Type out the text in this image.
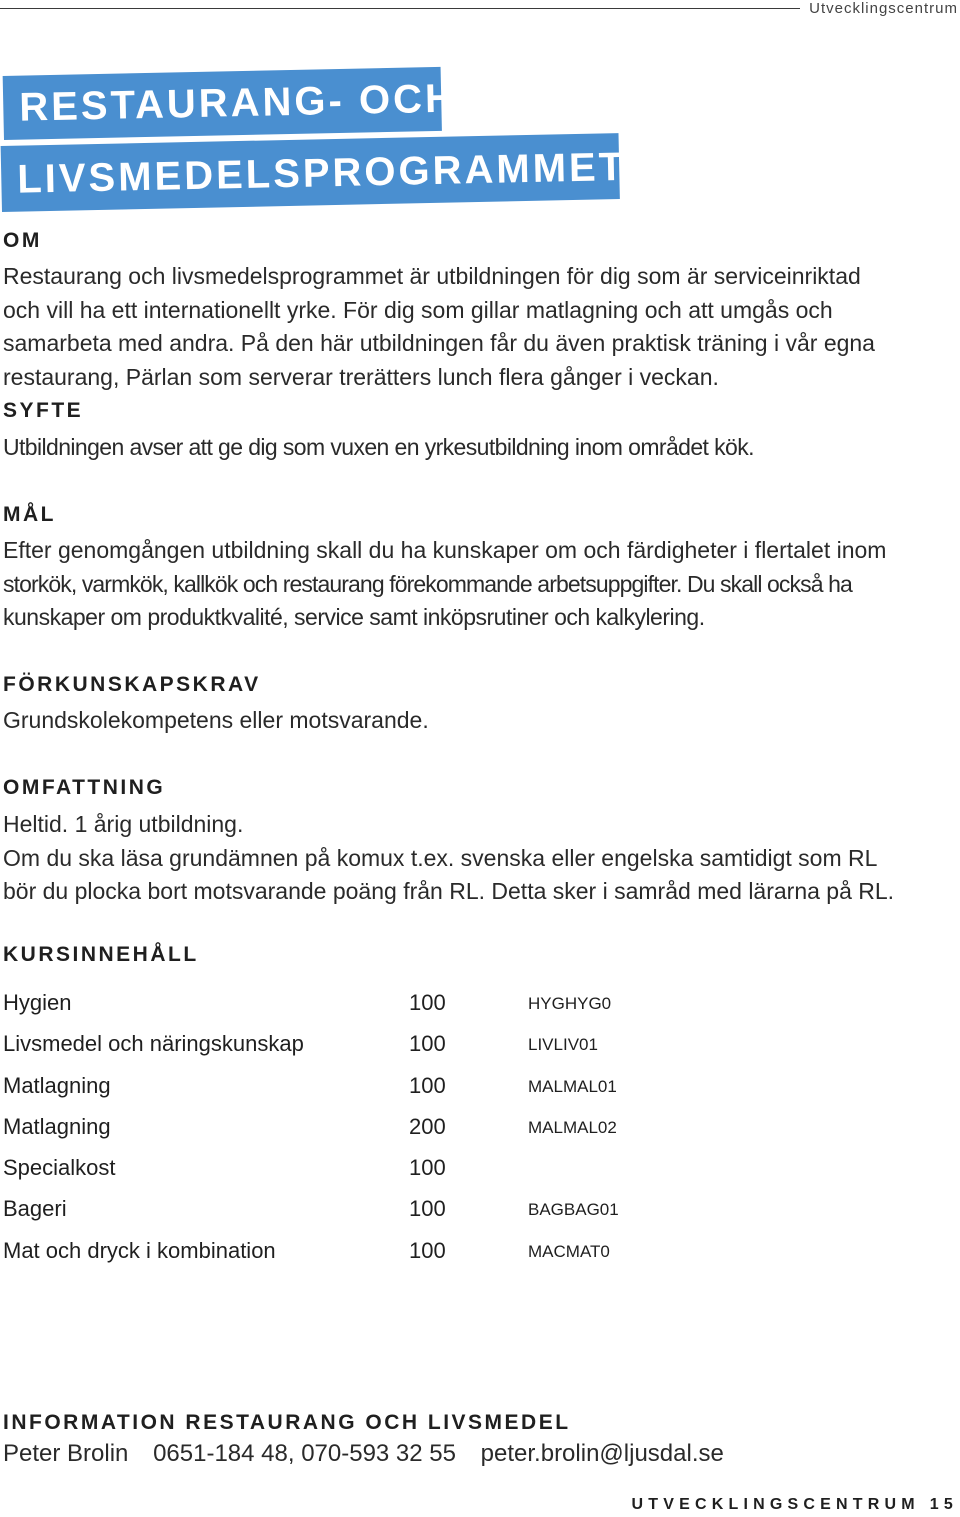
Utvecklingscentrum
RESTAURANG- OCH
LIVSMEDELSPROGRAMMET
OM

Restaurang och livsmedelsprogrammet är utbildningen för dig som är serviceinriktad
och vill ha ett internationellt yrke. För dig som gillar matlagning och att umgås och
samarbeta med andra. På den här utbildningen får du även praktisk träning i vår egna
restaurang, Pärlan som serverar trerätters lunch flera gånger i veckan.

SYFTE

Utbildningen avser att ge dig som vuxen en yrkesutbildning inom området kök.

MÅL

Efter genomgången utbildning skall du ha kunskaper om och färdigheter i flertalet inom
storkök, varmkök, kallkök och restaurang förekommande arbetsuppgifter. Du skall också ha
kunskaper om produktkvalité, service samt inköpsrutiner och kalkylering.

FÖRKUNSKAPSKRAV

Grundskolekompetens eller motsvarande.

OMFATTNING

Heltid. 1 årig utbildning.
Om du ska läsa grundämnen på komux t.ex. svenska eller engelska samtidigt som RL
bör du plocka bort motsvarande poäng från RL. Detta sker i samråd med lärarna på RL.

KURSINNEHÅLL
Hygien	100	HYGHYG0
Livsmedel och näringskunskap	100	LIVLIV01
Matlagning	100	MALMAL01
Matlagning	200	MALMAL02
Specialkost	100
Bageri	100	BAGBAG01
Mat och dryck i kombination	100	MACMAT0
INFORMATION RESTAURANG OCH LIVSMEDEL
Peter Brolin 0651-184 48, 070-593 32 55 peter.brolin@ljusdal.se
UTVECKLINGSCENTRUM 15
